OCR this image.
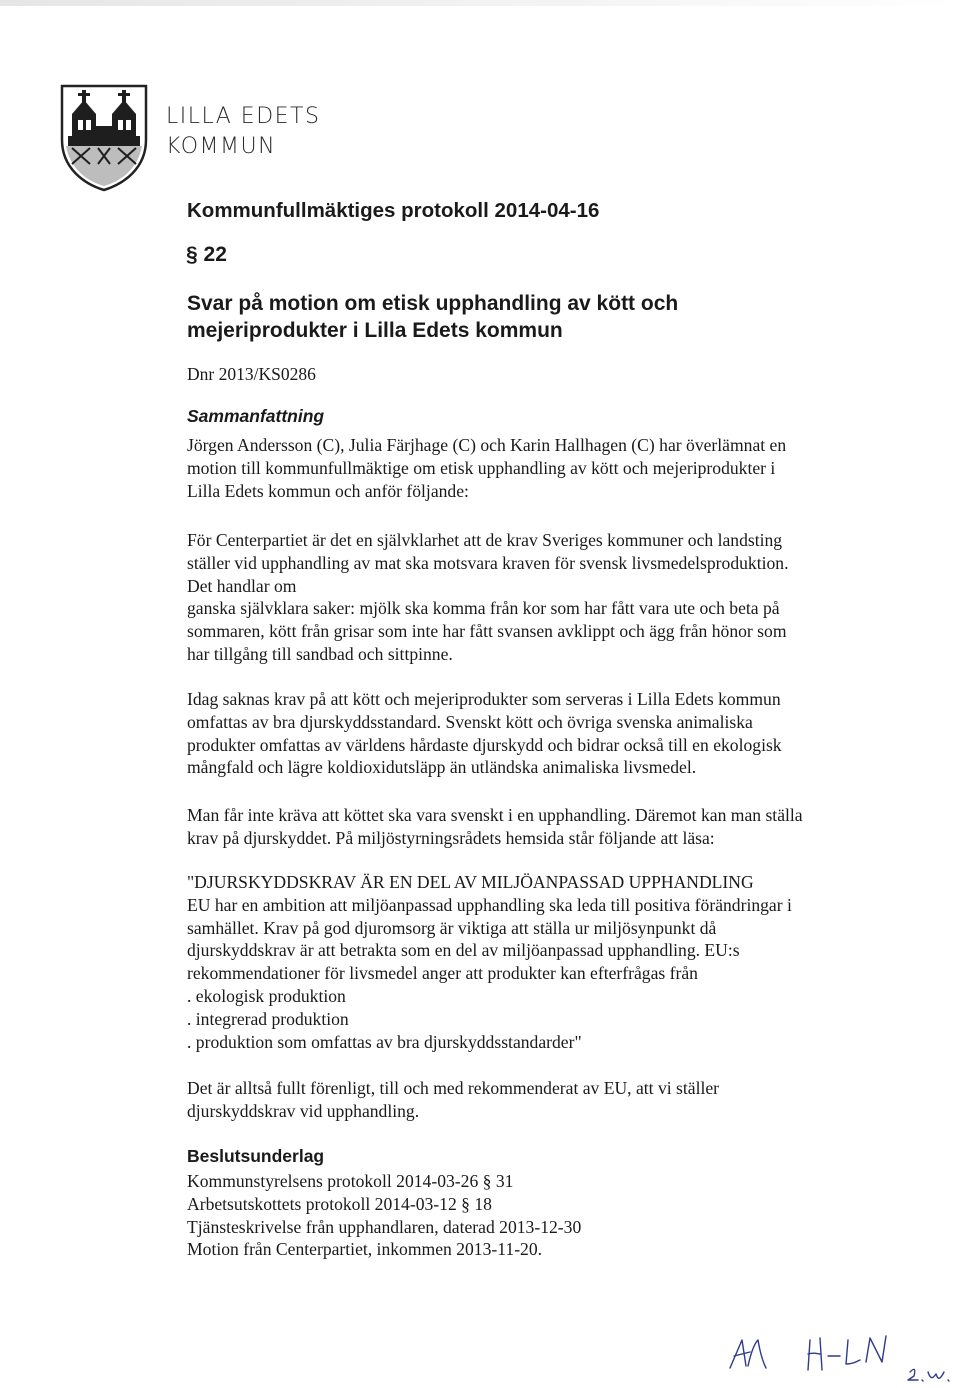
LILLA EDETS
KOMMUN
Kommunfullmäktiges protokoll 2014-04-16
§ 22
Svar på motion om etisk upphandling av kött och
mejeriprodukter i Lilla Edets kommun
Dnr 2013/KS0286
Sammanfattning
Jörgen Andersson (C), Julia Färjhage (C) och Karin Hallhagen (C) har överlämnat en
motion till kommunfullmäktige om etisk upphandling av kött och mejeriprodukter i
Lilla Edets kommun och anför följande:
För Centerpartiet är det en självklarhet att de krav Sveriges kommuner och landsting
ställer vid upphandling av mat ska motsvara kraven för svensk livsmedelsproduktion.
Det handlar om
ganska självklara saker: mjölk ska komma från kor som har fått vara ute och beta på
sommaren, kött från grisar som inte har fått svansen avklippt och ägg från hönor som
har tillgång till sandbad och sittpinne.
Idag saknas krav på att kött och mejeriprodukter som serveras i Lilla Edets kommun
omfattas av bra djurskyddsstandard. Svenskt kött och övriga svenska animaliska
produkter omfattas av världens hårdaste djurskydd och bidrar också till en ekologisk
mångfald och lägre koldioxidutsläpp än utländska animaliska livsmedel.
Man får inte kräva att köttet ska vara svenskt i en upphandling. Däremot kan man ställa
krav på djurskyddet. På miljöstyrningsrådets hemsida står följande att läsa:
"DJURSKYDDSKRAV ÄR EN DEL AV MILJÖANPASSAD UPPHANDLING
EU har en ambition att miljöanpassad upphandling ska leda till positiva förändringar i
samhället. Krav på god djuromsorg är viktiga att ställa ur miljösynpunkt då
djurskyddskrav är att betrakta som en del av miljöanpassad upphandling. EU:s
rekommendationer för livsmedel anger att produkter kan efterfrågas från
. ekologisk produktion
. integrerad produktion
. produktion som omfattas av bra djurskyddsstandarder"
Det är alltså fullt förenligt, till och med rekommenderat av EU, att vi ställer
djurskyddskrav vid upphandling.
Beslutsunderlag
Kommunstyrelsens protokoll 2014-03-26 § 31
Arbetsutskottets protokoll 2014-03-12 § 18
Tjänsteskrivelse från upphandlaren, daterad 2013-12-30
Motion från Centerpartiet, inkommen 2013-11-20.
